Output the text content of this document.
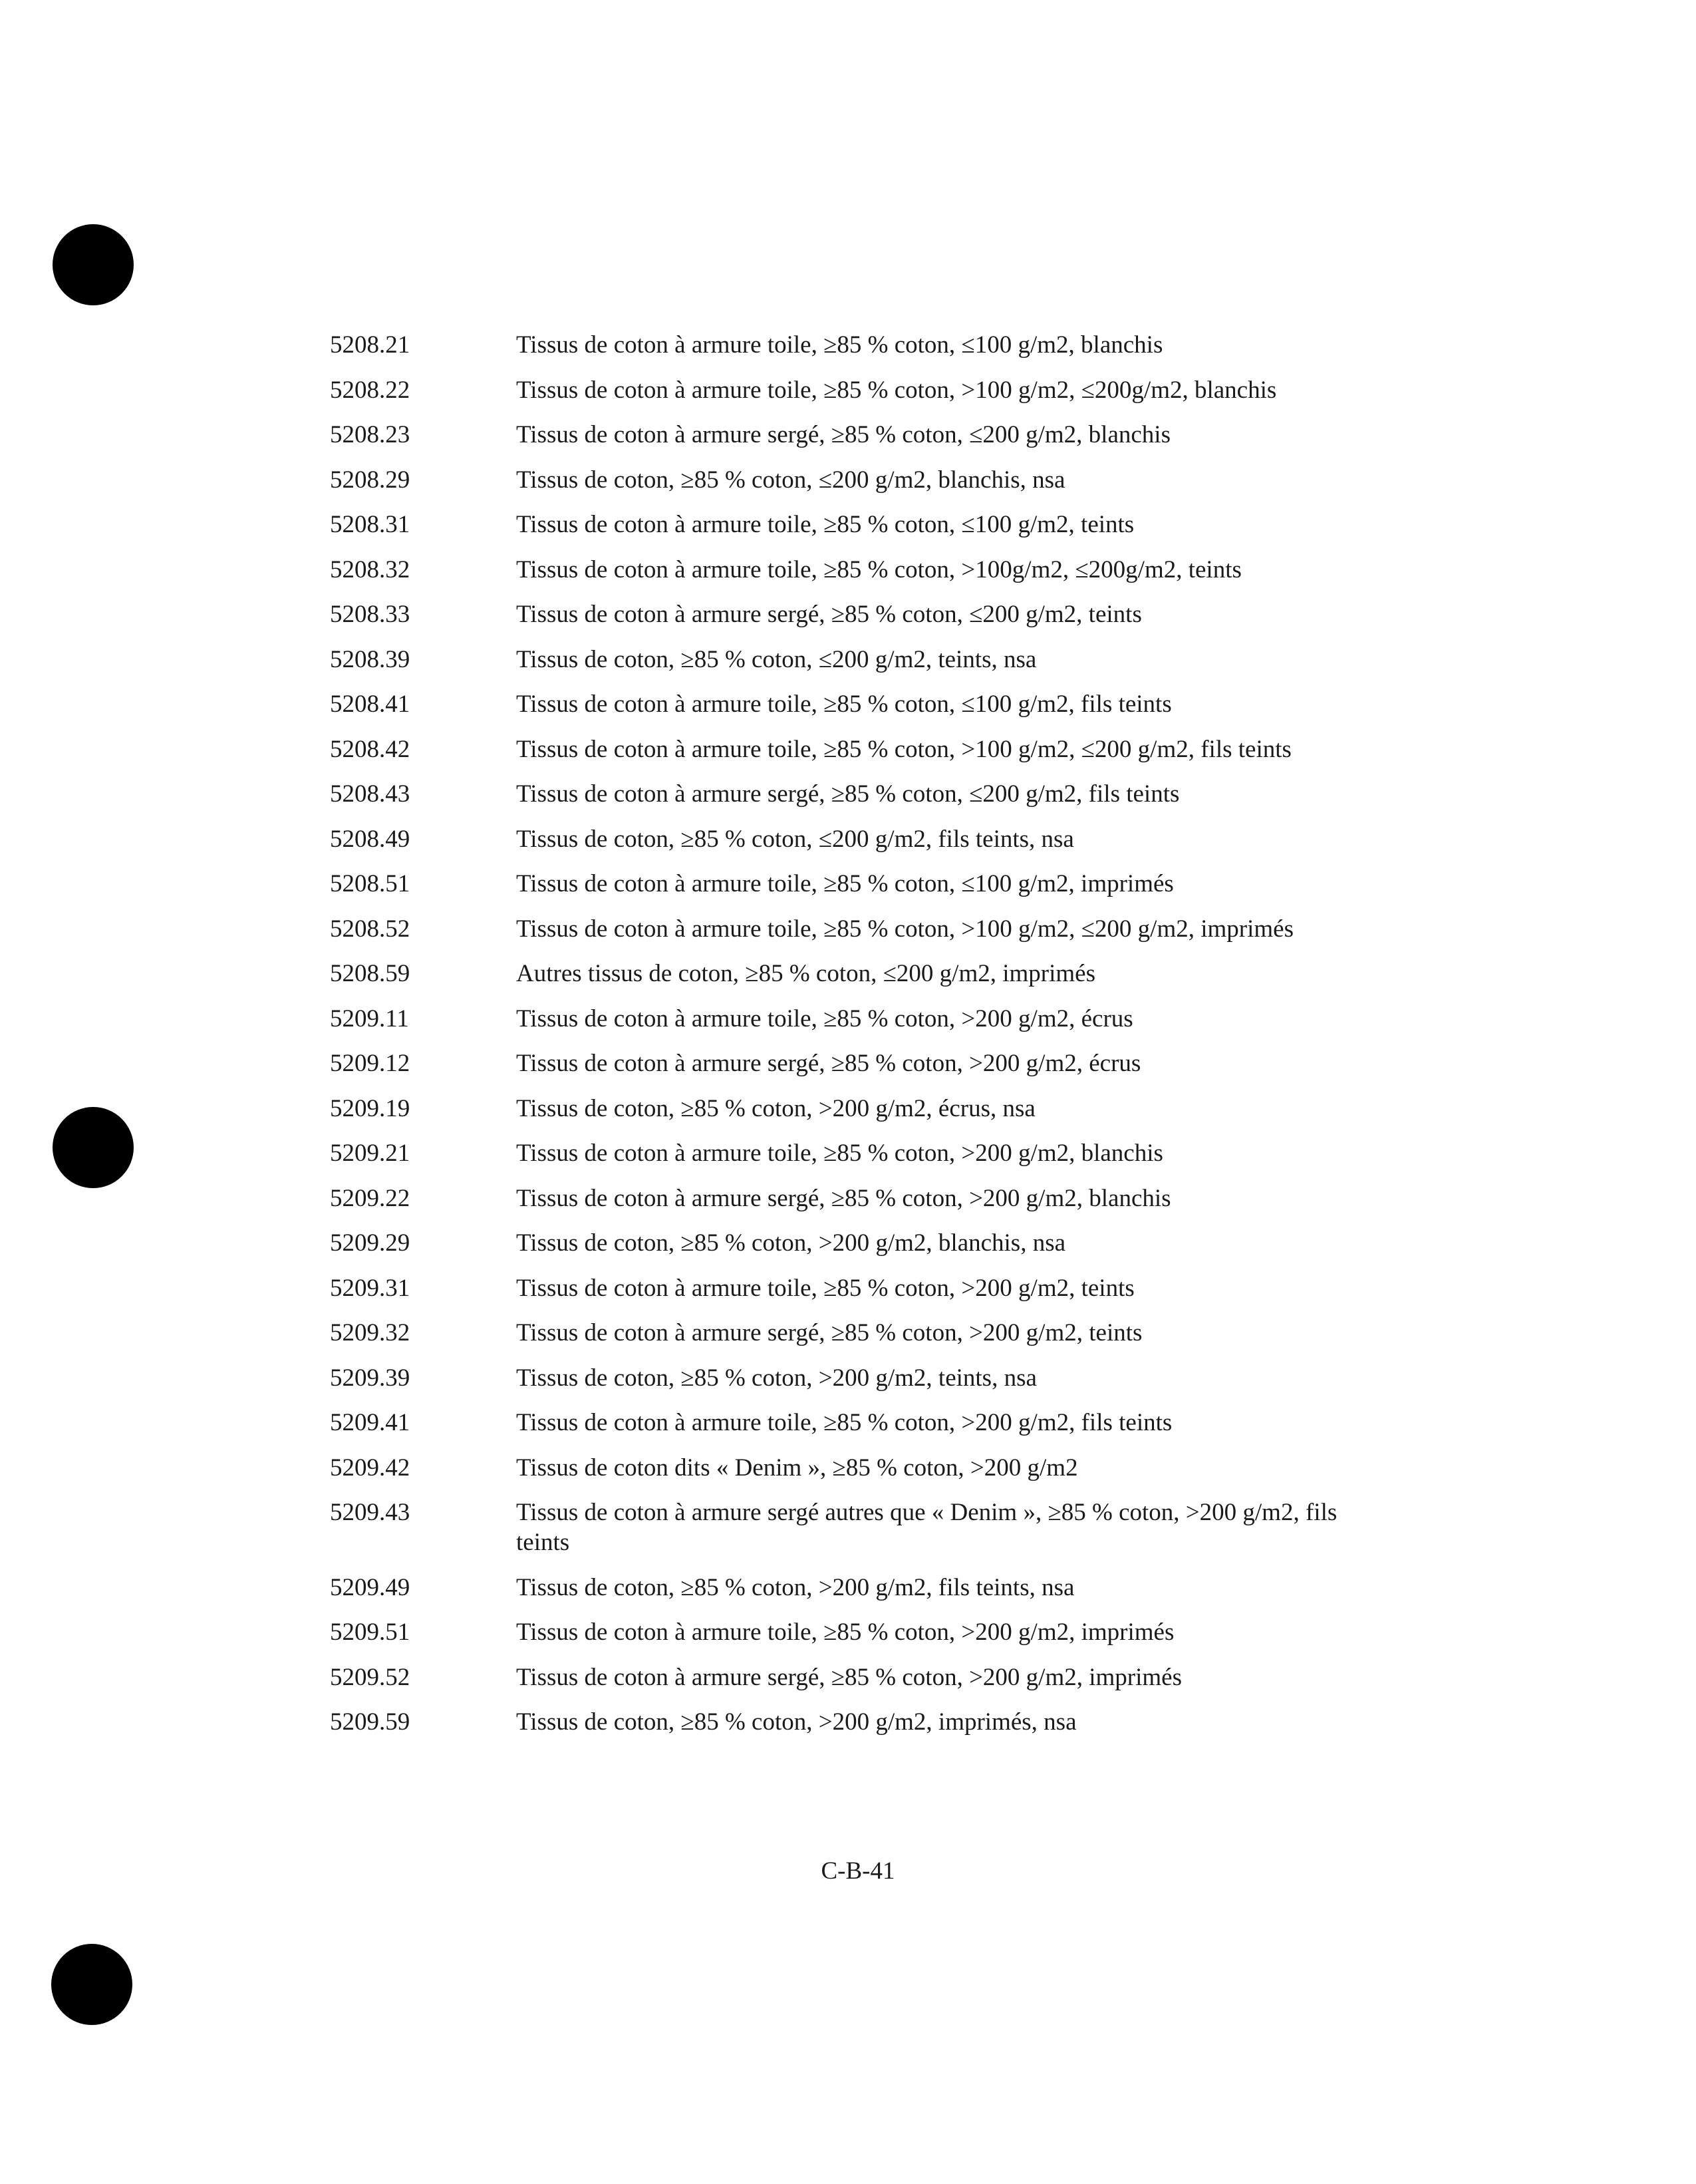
5208.21	Tissus de coton à armure toile, ≥85 % coton, ≤100 g/m2, blanchis
5208.22	Tissus de coton à armure toile, ≥85 % coton, >100 g/m2, ≤200g/m2, blanchis
5208.23	Tissus de coton à armure sergé, ≥85 % coton, ≤200 g/m2, blanchis
5208.29	Tissus de coton, ≥85 % coton, ≤200 g/m2, blanchis, nsa
5208.31	Tissus de coton à armure toile, ≥85 % coton, ≤100 g/m2, teints
5208.32	Tissus de coton à armure toile, ≥85 % coton, >100g/m2, ≤200g/m2, teints
5208.33	Tissus de coton à armure sergé, ≥85 % coton, ≤200 g/m2, teints
5208.39	Tissus de coton, ≥85 % coton, ≤200 g/m2, teints, nsa
5208.41	Tissus de coton à armure toile, ≥85 % coton, ≤100 g/m2, fils teints
5208.42	Tissus de coton à armure toile, ≥85 % coton, >100 g/m2, ≤200 g/m2, fils teints
5208.43	Tissus de coton à armure sergé, ≥85 % coton, ≤200 g/m2, fils teints
5208.49	Tissus de coton, ≥85 % coton, ≤200 g/m2, fils teints, nsa
5208.51	Tissus de coton à armure toile, ≥85 % coton, ≤100 g/m2, imprimés
5208.52	Tissus de coton à armure toile, ≥85 % coton, >100 g/m2, ≤200 g/m2, imprimés
5208.59	Autres tissus de coton, ≥85 % coton, ≤200 g/m2, imprimés
5209.11	Tissus de coton à armure toile, ≥85 % coton, >200 g/m2, écrus
5209.12	Tissus de coton à armure sergé, ≥85 % coton, >200 g/m2, écrus
5209.19	Tissus de coton, ≥85 % coton, >200 g/m2, écrus, nsa
5209.21	Tissus de coton à armure toile, ≥85 % coton, >200 g/m2, blanchis
5209.22	Tissus de coton à armure sergé, ≥85 % coton, >200 g/m2, blanchis
5209.29	Tissus de coton, ≥85 % coton, >200 g/m2, blanchis, nsa
5209.31	Tissus de coton à armure toile, ≥85 % coton, >200 g/m2, teints
5209.32	Tissus de coton à armure sergé, ≥85 % coton, >200 g/m2, teints
5209.39	Tissus de coton, ≥85 % coton, >200 g/m2, teints, nsa
5209.41	Tissus de coton à armure toile, ≥85 % coton, >200 g/m2, fils teints
5209.42	Tissus de coton dits « Denim », ≥85 % coton, >200 g/m2
5209.43	Tissus de coton à armure sergé autres que « Denim », ≥85 % coton, >200 g/m2, fils teints
5209.49	Tissus de coton, ≥85 % coton, >200 g/m2, fils teints, nsa
5209.51	Tissus de coton à armure toile, ≥85 % coton, >200 g/m2, imprimés
5209.52	Tissus de coton à armure sergé, ≥85 % coton, >200 g/m2, imprimés
5209.59	Tissus de coton, ≥85 % coton, >200 g/m2, imprimés, nsa
C-B-41
